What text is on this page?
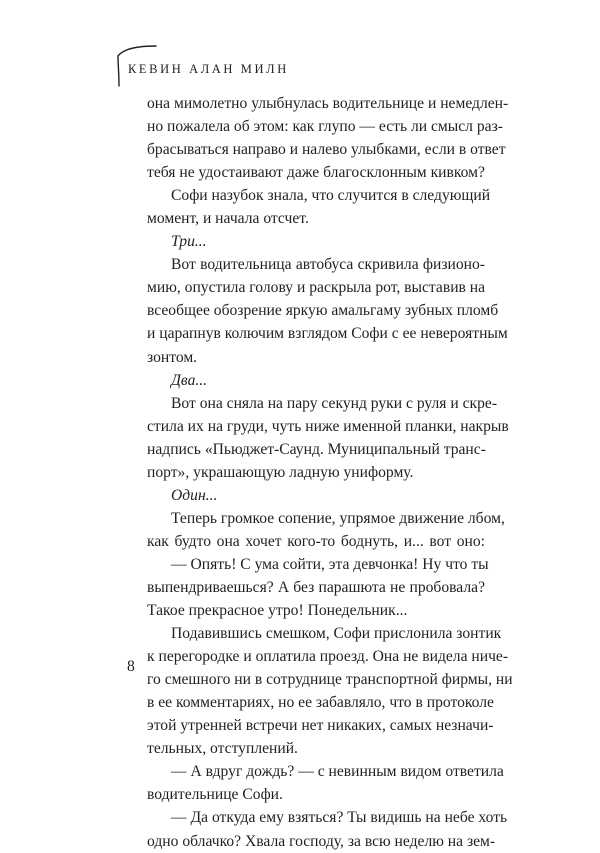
КЕВИН АЛАН МИЛН
она мимолетно улыбнулась водительнице и немедлен-
но пожалела об этом: как глупо — есть ли смысл раз-
брасываться направо и налево улыбками, если в ответ
тебя не удостаивают даже благосклонным кивком?
Софи назубок знала, что случится в следующий
момент, и начала отсчет.
Три...
Вот водительница автобуса скривила физионо-
мию, опустила голову и раскрыла рот, выставив на
всеобщее обозрение яркую амальгаму зубных пломб
и царапнув колючим взглядом Софи с ее невероятным
зонтом.
Два...
Вот она сняла на пару секунд руки с руля и скре-
стила их на груди, чуть ниже именной планки, накрыв
надпись «Пьюджет-Саунд. Муниципальный транс-
порт», украшающую ладную униформу.
Один...
Теперь громкое сопение, упрямое движение лбом,
как будто она хочет кого-то боднуть, и... вот оно:
— Опять! С ума сойти, эта девчонка! Ну что ты
выпендриваешься? А без парашюта не пробовала?
Такое прекрасное утро! Понедельник...
Подавившись смешком, Софи прислонила зонтик
к перегородке и оплатила проезд. Она не видела ниче-
го смешного ни в сотруднице транспортной фирмы, ни
в ее комментариях, но ее забавляло, что в протоколе
этой утренней встречи нет никаких, самых незначи-
тельных, отступлений.
— А вдруг дождь? — с невинным видом ответила
водительнице Софи.
— Да откуда ему взяться? Ты видишь на небе хоть
одно облачко? Хвала господу, за всю неделю на зем-
8
